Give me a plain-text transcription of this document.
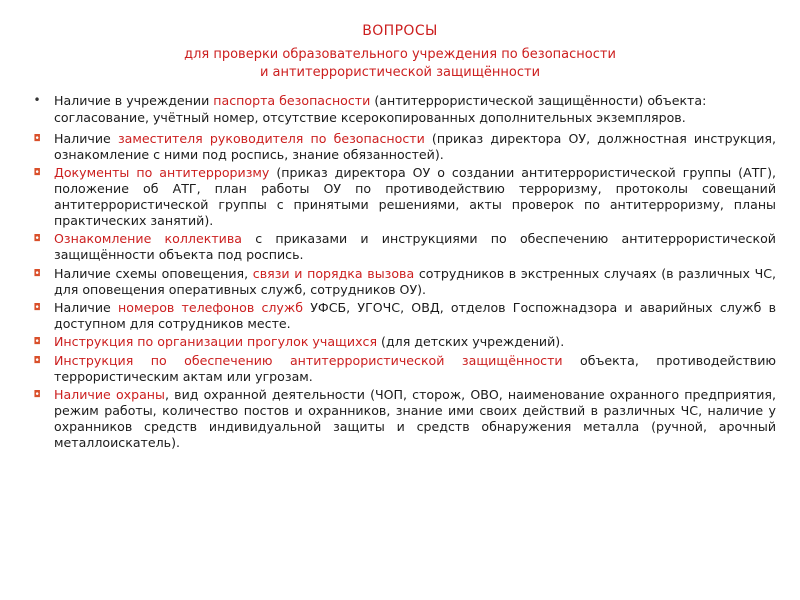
ВОПРОСЫ
для проверки образовательного учреждения по безопасности
и антитеррористической защищённости
• Наличие в учреждении паспорта безопасности (антитеррористической защищённости) объекта: согласование, учётный номер, отсутствие ксерокопированных дополнительных экземпляров.
◘ Наличие заместителя руководителя по безопасности (приказ директора ОУ, должностная инструкция, ознакомление с ними под роспись, знание обязанностей).
◘ Документы по антитерроризму (приказ директора ОУ о создании антитеррористической группы (АТГ), положение об АТГ, план работы ОУ по противодействию терроризму, протоколы совещаний антитеррористической группы с принятыми решениями, акты проверок по антитерроризму, планы практических занятий).
◘ Ознакомление коллектива с приказами и инструкциями по обеспечению антитеррористической защищённости объекта под роспись.
◘ Наличие схемы оповещения, связи и порядка вызова сотрудников в экстренных случаях (в различных ЧС, для оповещения оперативных служб, сотрудников ОУ).
◘ Наличие номеров телефонов служб УФСБ, УГОЧС, ОВД, отделов Госпожнадзора и аварийных служб в доступном для сотрудников месте.
◘ Инструкция по организации прогулок учащихся (для детских учреждений).
◘ Инструкция по обеспечению антитеррористической защищённости объекта, противодействию террористическим актам или угрозам.
◘ Наличие охраны, вид охранной деятельности (ЧОП, сторож, ОВО, наименование охранного предприятия, режим работы, количество постов и охранников, знание ими своих действий в различных ЧС, наличие у охранников средств индивидуальной защиты и средств обнаружения металла (ручной, арочный металлоискатель).
